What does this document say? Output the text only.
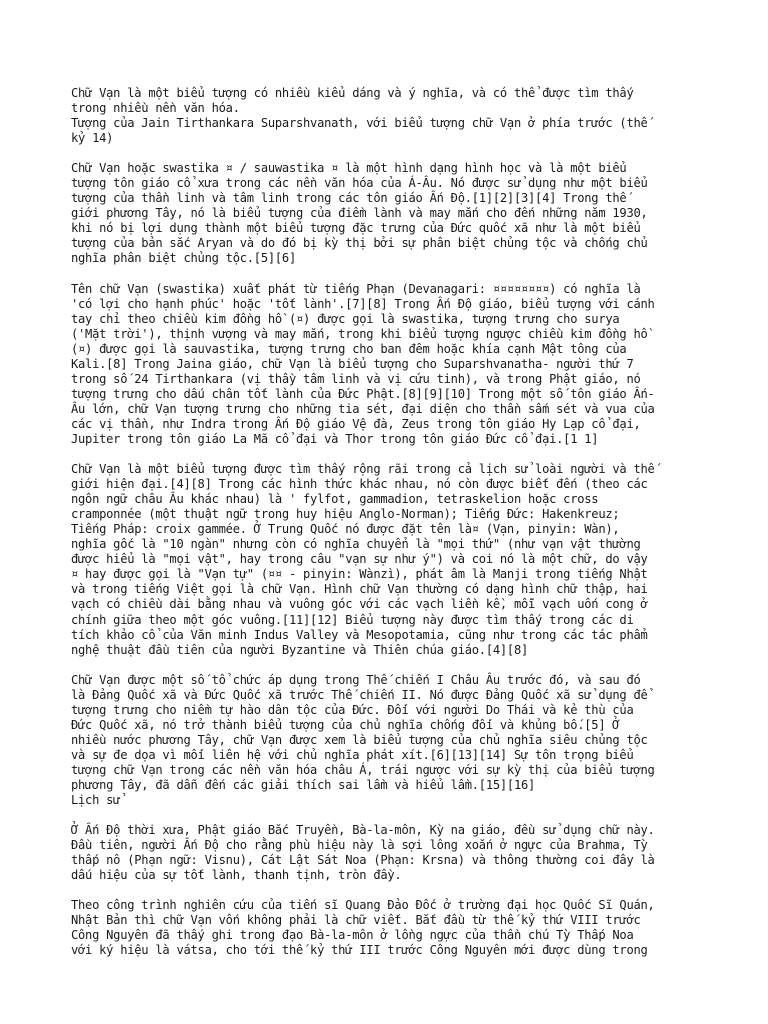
Chữ Vạn là một biểu tượng có nhiều kiểu dáng và ý nghĩa, và có thể được tìm thấy
trong nhiều nền văn hóa.

Tượng của Jain Tirthankara Suparshvanath, với biểu tượng chữ Vạn ở phía trước (thế
kỷ 14)

Chữ Vạn hoặc swastika ¤ / sauwastika ¤ là một hình dạng hình học và là một biểu
tượng tôn giáo cổ xưa trong các nền văn hóa của Á-Âu. Nó được sử dụng như một biểu
tượng của thần linh và tâm linh trong các tôn giáo Ấn Độ.[1][2][3][4] Trong thế
giới phương Tây, nó là biểu tượng của điềm lành và may mắn cho đến những năm 1930,
khi nó bị lợi dụng thành một biểu tượng đặc trưng của Đức quốc xã như là một biểu
tượng của bản sắc Aryan và do đó bị kỳ thị bởi sự phân biệt chủng tộc và chống chủ
nghĩa phân biệt chủng tộc.[5][6]

Tên chữ Vạn (swastika) xuất phát từ tiếng Phạn (Devanagari: ¤¤¤¤¤¤¤¤) có nghĩa là
'có lợi cho hạnh phúc' hoặc 'tốt lành'.[7][8] Trong Ấn Độ giáo, biểu tượng với cánh
tay chỉ theo chiều kim đồng hồ (¤) được gọi là swastika, tượng trưng cho surya
('Mặt trời'), thịnh vượng và may mắn, trong khi biểu tượng ngược chiều kim đồng hồ
(¤) được gọi là sauvastika, tượng trưng cho ban đêm hoặc khía cạnh Mật tông của
Kali.[8] Trong Jaina giáo, chữ Vạn là biểu tượng cho Suparshvanatha- người thứ 7
trong số 24 Tirthankara (vị thầy tâm linh và vị cứu tinh), và trong Phật giáo, nó
tượng trưng cho dấu chân tốt lành của Đức Phật.[8][9][10] Trong một số tôn giáo Ấn-
Âu lớn, chữ Vạn tượng trưng cho những tia sét, đại diện cho thần sấm sét và vua của
các vị thần, như Indra trong Ấn Độ giáo Vệ đà, Zeus trong tôn giáo Hy Lạp cổ đại,
Jupiter trong tôn giáo La Mã cổ đại và Thor trong tôn giáo Đức cổ đại.[1 1]

Chữ Vạn là một biểu tượng được tìm thấy rộng rãi trong cả lịch sử loài người và thế
giới hiện đại.[4][8] Trong các hình thức khác nhau, nó còn được biết đến (theo các
ngôn ngữ châu Âu khác nhau) là ' fylfot, gammadion, tetraskelion hoặc cross
cramponnée (một thuật ngữ trong huy hiệu Anglo-Norman); Tiếng Đức: Hakenkreuz;
Tiếng Pháp: croix gammée. Ở Trung Quốc nó được đặt tên là¤ (Vạn, pinyin: Wàn),
nghĩa gốc là "10 ngàn" nhưng còn có nghĩa chuyển là "mọi thứ" (như vạn vật thường
được hiểu là "mọi vật", hay trong câu "vạn sự như ý") và coi nó là một chữ, do vậy
¤ hay được gọi là "Vạn tự" (¤¤ - pinyin: Wànzì), phát âm là Manji trong tiếng Nhật
và trong tiếng Việt gọi là chữ Vạn. Hình chữ Vạn thường có dạng hình chữ thập, hai
vạch có chiều dài bằng nhau và vuông góc với các vạch liền kề, mỗi vạch uốn cong ở
chính giữa theo một góc vuông.[11][12] Biểu tượng này được tìm thấy trong các di
tích khảo cổ của Văn minh Indus Valley và Mesopotamia, cũng như trong các tác phẩm
nghệ thuật đầu tiên của người Byzantine và Thiên chúa giáo.[4][8]

Chữ Vạn được một số tổ chức áp dụng trong Thế chiến I Châu Âu trước đó, và sau đó
là Đảng Quốc xã và Đức Quốc xã trước Thế chiến II. Nó được Đảng Quốc xã sử dụng để
tượng trưng cho niềm tự hào dân tộc của Đức. Đối với người Do Thái và kẻ thù của
Đức Quốc xã, nó trở thành biểu tượng của chủ nghĩa chống đối và khủng bố.[5] Ở
nhiều nước phương Tây, chữ Vạn được xem là biểu tượng của chủ nghĩa siêu chủng tộc
và sự đe dọa vì mối liên hệ với chủ nghĩa phát xít.[6][13][14] Sự tôn trọng biểu
tượng chữ Vạn trong các nền văn hóa châu Á, trái ngược với sự kỳ thị của biểu tượng
phương Tây, đã dẫn đến các giải thích sai lầm và hiểu lầm.[15][16]

Lịch sử

Ở Ấn Độ thời xưa, Phật giáo Bắc Truyền, Bà-la-môn, Kỳ na giáo, đều sử dụng chữ này.
Đầu tiên, người Ấn Độ cho rằng phù hiệu này là sợi lông xoắn ở ngực của Brahma, Tỳ
thấp nô (Phạn ngữ: Visnu), Cát Lật Sát Noa (Phạn: Krsna) và thông thường coi đây là
dấu hiệu của sự tốt lành, thanh tịnh, tròn đầy.

Theo công trình nghiên cứu của tiến sĩ Quang Đảo Đốc ở trường đại học Quốc Sĩ Quán,
Nhật Bản thì chữ Vạn vốn không phải là chữ viết. Bắt đầu từ thế kỷ thứ VIII trước
Công Nguyên đã thấy ghi trong đạo Bà-la-môn ở lồng ngực của thần chú Tỳ Thấp Noa
với ký hiệu là vátsa, cho tới thế kỷ thứ III trước Công Nguyên mới được dùng trong
